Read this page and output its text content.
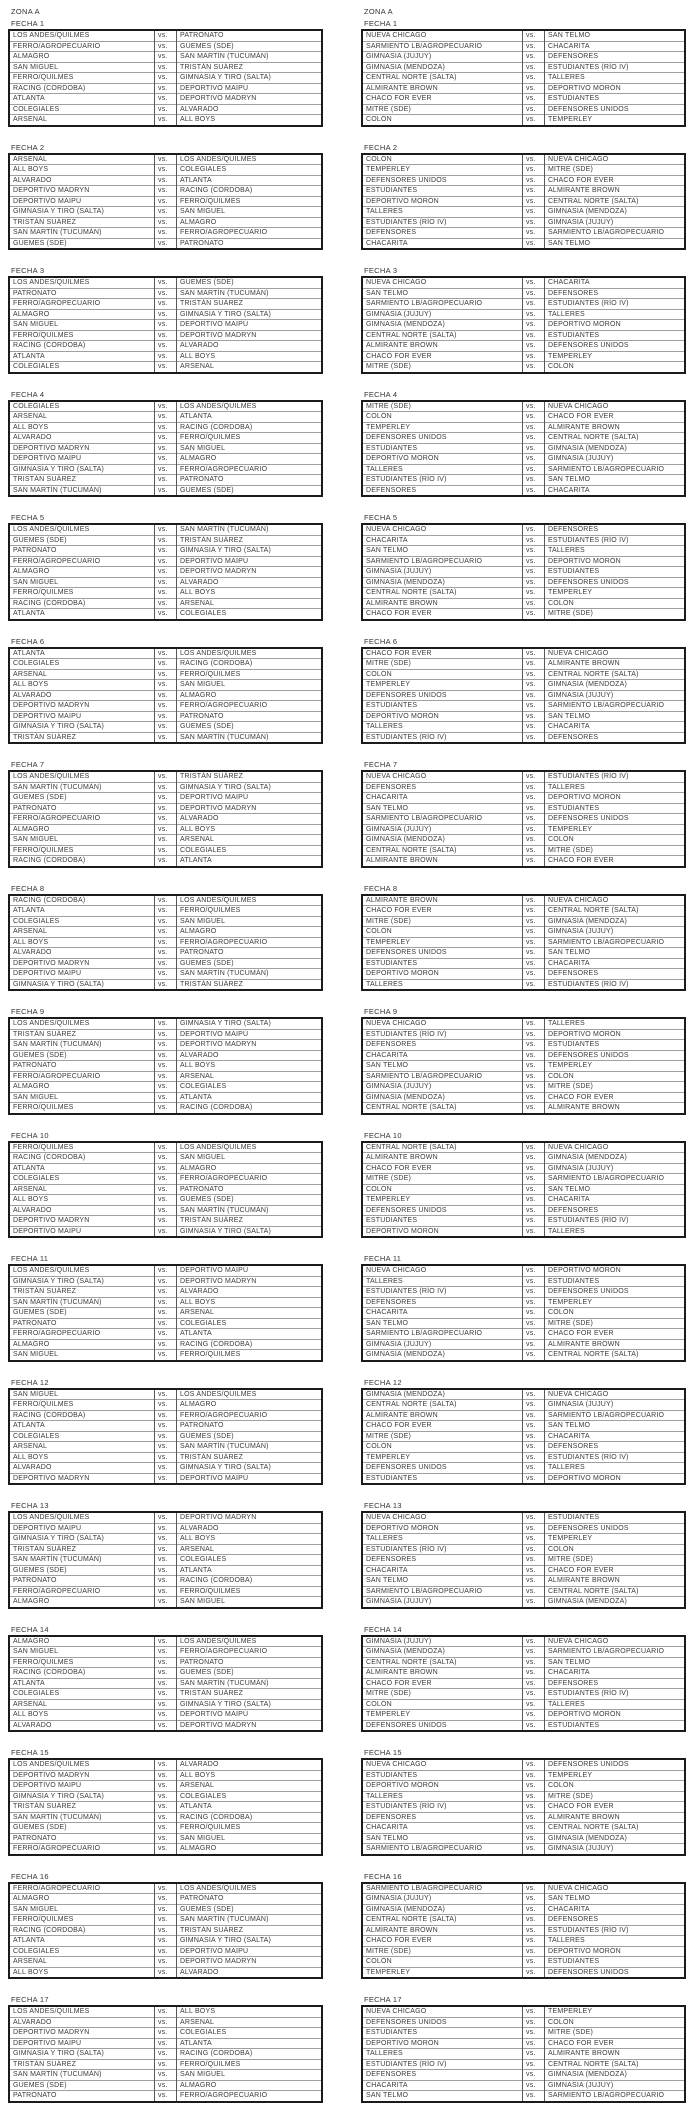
ZONA A
FECHA 1
LOS ANDES/QUILMES	vs.	PATRONATO
FERRO/AGROPECUARIO	vs.	GÜEMES (SDE)
ALMAGRO	vs.	SAN MARTÍN (TUCUMÁN)
SAN MIGUEL	vs.	TRISTÁN SUÁREZ
FERRO/QUILMES	vs.	GIMNASIA Y TIRO (SALTA)
RACING (CÓRDOBA)	vs.	DEPORTIVO MAIPÚ
ATLANTA	vs.	DEPORTIVO MADRYN
COLEGIALES	vs.	ALVARADO
ARSENAL	vs.	ALL BOYS
FECHA 2
ARSENAL	vs.	LOS ANDES/QUILMES
ALL BOYS	vs.	COLEGIALES
ALVARADO	vs.	ATLANTA
DEPORTIVO MADRYN	vs.	RACING (CÓRDOBA)
DEPORTIVO MAIPÚ	vs.	FERRO/QUILMES
GIMNASIA Y TIRO (SALTA)	vs.	SAN MIGUEL
TRISTÁN SUÁREZ	vs.	ALMAGRO
SAN MARTÍN (TUCUMÁN)	vs.	FERRO/AGROPECUARIO
GÜEMES (SDE)	vs.	PATRONATO
FECHA 3
LOS ANDES/QUILMES	vs.	GÜEMES (SDE)
PATRONATO	vs.	SAN MARTÍN (TUCUMÁN)
FERRO/AGROPECUARIO	vs.	TRISTÁN SUÁREZ
ALMAGRO	vs.	GIMNASIA Y TIRO (SALTA)
SAN MIGUEL	vs.	DEPORTIVO MAIPÚ
FERRO/QUILMES	vs.	DEPORTIVO MADRYN
RACING (CÓRDOBA)	vs.	ALVARADO
ATLANTA	vs.	ALL BOYS
COLEGIALES	vs.	ARSENAL
FECHA 4
COLEGIALES	vs.	LOS ANDES/QUILMES
ARSENAL	vs.	ATLANTA
ALL BOYS	vs.	RACING (CÓRDOBA)
ALVARADO	vs.	FERRO/QUILMES
DEPORTIVO MADRYN	vs.	SAN MIGUEL
DEPORTIVO MAIPÚ	vs.	ALMAGRO
GIMNASIA Y TIRO (SALTA)	vs.	FERRO/AGROPECUARIO
TRISTÁN SUÁREZ	vs.	PATRONATO
SAN MARTÍN (TUCUMÁN)	vs.	GÜEMES (SDE)
FECHA 5
LOS ANDES/QUILMES	vs.	SAN MARTÍN (TUCUMÁN)
GÜEMES (SDE)	vs.	TRISTÁN SUÁREZ
PATRONATO	vs.	GIMNASIA Y TIRO (SALTA)
FERRO/AGROPECUARIO	vs.	DEPORTIVO MAIPÚ
ALMAGRO	vs.	DEPORTIVO MADRYN
SAN MIGUEL	vs.	ALVARADO
FERRO/QUILMES	vs.	ALL BOYS
RACING (CÓRDOBA)	vs.	ARSENAL
ATLANTA	vs.	COLEGIALES
FECHA 6
ATLANTA	vs.	LOS ANDES/QUILMES
COLEGIALES	vs.	RACING (CÓRDOBA)
ARSENAL	vs.	FERRO/QUILMES
ALL BOYS	vs.	SAN MIGUEL
ALVARADO	vs.	ALMAGRO
DEPORTIVO MADRYN	vs.	FERRO/AGROPECUARIO
DEPORTIVO MAIPÚ	vs.	PATRONATO
GIMNASIA Y TIRO (SALTA)	vs.	GÜEMES (SDE)
TRISTÁN SUÁREZ	vs.	SAN MARTÍN (TUCUMÁN)
FECHA 7
LOS ANDES/QUILMES	vs.	TRISTÁN SUÁREZ
SAN MARTÍN (TUCUMÁN)	vs.	GIMNASIA Y TIRO (SALTA)
GÜEMES (SDE)	vs.	DEPORTIVO MAIPÚ
PATRONATO	vs.	DEPORTIVO MADRYN
FERRO/AGROPECUARIO	vs.	ALVARADO
ALMAGRO	vs.	ALL BOYS
SAN MIGUEL	vs.	ARSENAL
FERRO/QUILMES	vs.	COLEGIALES
RACING (CÓRDOBA)	vs.	ATLANTA
FECHA 8
RACING (CÓRDOBA)	vs.	LOS ANDES/QUILMES
ATLANTA	vs.	FERRO/QUILMES
COLEGIALES	vs.	SAN MIGUEL
ARSENAL	vs.	ALMAGRO
ALL BOYS	vs.	FERRO/AGROPECUARIO
ALVARADO	vs.	PATRONATO
DEPORTIVO MADRYN	vs.	GÜEMES (SDE)
DEPORTIVO MAIPÚ	vs.	SAN MARTÍN (TUCUMÁN)
GIMNASIA Y TIRO (SALTA)	vs.	TRISTÁN SUÁREZ
FECHA 9
LOS ANDES/QUILMES	vs.	GIMNASIA Y TIRO (SALTA)
TRISTÁN SUÁREZ	vs.	DEPORTIVO MAIPÚ
SAN MARTÍN (TUCUMÁN)	vs.	DEPORTIVO MADRYN
GÜEMES (SDE)	vs.	ALVARADO
PATRONATO	vs.	ALL BOYS
FERRO/AGROPECUARIO	vs.	ARSENAL
ALMAGRO	vs.	COLEGIALES
SAN MIGUEL	vs.	ATLANTA
FERRO/QUILMES	vs.	RACING (CÓRDOBA)
FECHA 10
FERRO/QUILMES	vs.	LOS ANDES/QUILMES
RACING (CÓRDOBA)	vs.	SAN MIGUEL
ATLANTA	vs.	ALMAGRO
COLEGIALES	vs.	FERRO/AGROPECUARIO
ARSENAL	vs.	PATRONATO
ALL BOYS	vs.	GÜEMES (SDE)
ALVARADO	vs.	SAN MARTÍN (TUCUMÁN)
DEPORTIVO MADRYN	vs.	TRISTÁN SUÁREZ
DEPORTIVO MAIPÚ	vs.	GIMNASIA Y TIRO (SALTA)
FECHA 11
LOS ANDES/QUILMES	vs.	DEPORTIVO MAIPÚ
GIMNASIA Y TIRO (SALTA)	vs.	DEPORTIVO MADRYN
TRISTÁN SUÁREZ	vs.	ALVARADO
SAN MARTÍN (TUCUMÁN)	vs.	ALL BOYS
GÜEMES (SDE)	vs.	ARSENAL
PATRONATO	vs.	COLEGIALES
FERRO/AGROPECUARIO	vs.	ATLANTA
ALMAGRO	vs.	RACING (CÓRDOBA)
SAN MIGUEL	vs.	FERRO/QUILMES
FECHA 12
SAN MIGUEL	vs.	LOS ANDES/QUILMES
FERRO/QUILMES	vs.	ALMAGRO
RACING (CÓRDOBA)	vs.	FERRO/AGROPECUARIO
ATLANTA	vs.	PATRONATO
COLEGIALES	vs.	GÜEMES (SDE)
ARSENAL	vs.	SAN MARTÍN (TUCUMÁN)
ALL BOYS	vs.	TRISTÁN SUÁREZ
ALVARADO	vs.	GIMNASIA Y TIRO (SALTA)
DEPORTIVO MADRYN	vs.	DEPORTIVO MAIPÚ
FECHA 13
LOS ANDES/QUILMES	vs.	DEPORTIVO MADRYN
DEPORTIVO MAIPÚ	vs.	ALVARADO
GIMNASIA Y TIRO (SALTA)	vs.	ALL BOYS
TRISTÁN SUÁREZ	vs.	ARSENAL
SAN MARTÍN (TUCUMÁN)	vs.	COLEGIALES
GÜEMES (SDE)	vs.	ATLANTA
PATRONATO	vs.	RACING (CÓRDOBA)
FERRO/AGROPECUARIO	vs.	FERRO/QUILMES
ALMAGRO	vs.	SAN MIGUEL
FECHA 14
ALMAGRO	vs.	LOS ANDES/QUILMES
SAN MIGUEL	vs.	FERRO/AGROPECUARIO
FERRO/QUILMES	vs.	PATRONATO
RACING (CÓRDOBA)	vs.	GÜEMES (SDE)
ATLANTA	vs.	SAN MARTÍN (TUCUMÁN)
COLEGIALES	vs.	TRISTÁN SUÁREZ
ARSENAL	vs.	GIMNASIA Y TIRO (SALTA)
ALL BOYS	vs.	DEPORTIVO MAIPÚ
ALVARADO	vs.	DEPORTIVO MADRYN
FECHA 15
LOS ANDES/QUILMES	vs.	ALVARADO
DEPORTIVO MADRYN	vs.	ALL BOYS
DEPORTIVO MAIPÚ	vs.	ARSENAL
GIMNASIA Y TIRO (SALTA)	vs.	COLEGIALES
TRISTÁN SUÁREZ	vs.	ATLANTA
SAN MARTÍN (TUCUMÁN)	vs.	RACING (CÓRDOBA)
GÜEMES (SDE)	vs.	FERRO/QUILMES
PATRONATO	vs.	SAN MIGUEL
FERRO/AGROPECUARIO	vs.	ALMAGRO
FECHA 16
FERRO/AGROPECUARIO	vs.	LOS ANDES/QUILMES
ALMAGRO	vs.	PATRONATO
SAN MIGUEL	vs.	GÜEMES (SDE)
FERRO/QUILMES	vs.	SAN MARTÍN (TUCUMÁN)
RACING (CÓRDOBA)	vs.	TRISTÁN SUÁREZ
ATLANTA	vs.	GIMNASIA Y TIRO (SALTA)
COLEGIALES	vs.	DEPORTIVO MAIPÚ
ARSENAL	vs.	DEPORTIVO MADRYN
ALL BOYS	vs.	ALVARADO
FECHA 17
LOS ANDES/QUILMES	vs.	ALL BOYS
ALVARADO	vs.	ARSENAL
DEPORTIVO MADRYN	vs.	COLEGIALES
DEPORTIVO MAIPÚ	vs.	ATLANTA
GIMNASIA Y TIRO (SALTA)	vs.	RACING (CÓRDOBA)
TRISTÁN SUÁREZ	vs.	FERRO/QUILMES
SAN MARTÍN (TUCUMÁN)	vs.	SAN MIGUEL
GÜEMES (SDE)	vs.	ALMAGRO
PATRONATO	vs.	FERRO/AGROPECUARIO
ZONA A
FECHA 1
NUEVA CHICAGO	vs.	SAN TELMO
SARMIENTO LB/AGROPECUARIO	vs.	CHACARITA
GIMNASIA (JUJUY)	vs.	DEFENSORES
GIMNASIA (MENDOZA)	vs.	ESTUDIANTES (RÍO IV)
CENTRAL NORTE (SALTA)	vs.	TALLERES
ALMIRANTE BROWN	vs.	DEPORTIVO MORÓN
CHACO FOR EVER	vs.	ESTUDIANTES
MITRE (SDE)	vs.	DEFENSORES UNIDOS
COLÓN	vs.	TEMPERLEY
FECHA 2
COLÓN	vs.	NUEVA CHICAGO
TEMPERLEY	vs.	MITRE (SDE)
DEFENSORES UNIDOS	vs.	CHACO FOR EVER
ESTUDIANTES	vs.	ALMIRANTE BROWN
DEPORTIVO MORÓN	vs.	CENTRAL NORTE (SALTA)
TALLERES	vs.	GIMNASIA (MENDOZA)
ESTUDIANTES (RÍO IV)	vs.	GIMNASIA (JUJUY)
DEFENSORES	vs.	SARMIENTO LB/AGROPECUARIO
CHACARITA	vs.	SAN TELMO
FECHA 3
NUEVA CHICAGO	vs.	CHACARITA
SAN TELMO	vs.	DEFENSORES
SARMIENTO LB/AGROPECUARIO	vs.	ESTUDIANTES (RÍO IV)
GIMNASIA (JUJUY)	vs.	TALLERES
GIMNASIA (MENDOZA)	vs.	DEPORTIVO MORÓN
CENTRAL NORTE (SALTA)	vs.	ESTUDIANTES
ALMIRANTE BROWN	vs.	DEFENSORES UNIDOS
CHACO FOR EVER	vs.	TEMPERLEY
MITRE (SDE)	vs.	COLÓN
FECHA 4
MITRE (SDE)	vs.	NUEVA CHICAGO
COLÓN	vs.	CHACO FOR EVER
TEMPERLEY	vs.	ALMIRANTE BROWN
DEFENSORES UNIDOS	vs.	CENTRAL NORTE (SALTA)
ESTUDIANTES	vs.	GIMNASIA (MENDOZA)
DEPORTIVO MORÓN	vs.	GIMNASIA (JUJUY)
TALLERES	vs.	SARMIENTO LB/AGROPECUARIO
ESTUDIANTES (RÍO IV)	vs.	SAN TELMO
DEFENSORES	vs.	CHACARITA
FECHA 5
NUEVA CHICAGO	vs.	DEFENSORES
CHACARITA	vs.	ESTUDIANTES (RÍO IV)
SAN TELMO	vs.	TALLERES
SARMIENTO LB/AGROPECUARIO	vs.	DEPORTIVO MORÓN
GIMNASIA (JUJUY)	vs.	ESTUDIANTES
GIMNASIA (MENDOZA)	vs.	DEFENSORES UNIDOS
CENTRAL NORTE (SALTA)	vs.	TEMPERLEY
ALMIRANTE BROWN	vs.	COLÓN
CHACO FOR EVER	vs.	MITRE (SDE)
FECHA 6
CHACO FOR EVER	vs.	NUEVA CHICAGO
MITRE (SDE)	vs.	ALMIRANTE BROWN
COLÓN	vs.	CENTRAL NORTE (SALTA)
TEMPERLEY	vs.	GIMNASIA (MENDOZA)
DEFENSORES UNIDOS	vs.	GIMNASIA (JUJUY)
ESTUDIANTES	vs.	SARMIENTO LB/AGROPECUARIO
DEPORTIVO MORÓN	vs.	SAN TELMO
TALLERES	vs.	CHACARITA
ESTUDIANTES (RÍO IV)	vs.	DEFENSORES
FECHA 7
NUEVA CHICAGO	vs.	ESTUDIANTES (RÍO IV)
DEFENSORES	vs.	TALLERES
CHACARITA	vs.	DEPORTIVO MORÓN
SAN TELMO	vs.	ESTUDIANTES
SARMIENTO LB/AGROPECUARIO	vs.	DEFENSORES UNIDOS
GIMNASIA (JUJUY)	vs.	TEMPERLEY
GIMNASIA (MENDOZA)	vs.	COLÓN
CENTRAL NORTE (SALTA)	vs.	MITRE (SDE)
ALMIRANTE BROWN	vs.	CHACO FOR EVER
FECHA 8
ALMIRANTE BROWN	vs.	NUEVA CHICAGO
CHACO FOR EVER	vs.	CENTRAL NORTE (SALTA)
MITRE (SDE)	vs.	GIMNASIA (MENDOZA)
COLÓN	vs.	GIMNASIA (JUJUY)
TEMPERLEY	vs.	SARMIENTO LB/AGROPECUARIO
DEFENSORES UNIDOS	vs.	SAN TELMO
ESTUDIANTES	vs.	CHACARITA
DEPORTIVO MORÓN	vs.	DEFENSORES
TALLERES	vs.	ESTUDIANTES (RÍO IV)
FECHA 9
NUEVA CHICAGO	vs.	TALLERES
ESTUDIANTES (RÍO IV)	vs.	DEPORTIVO MORÓN
DEFENSORES	vs.	ESTUDIANTES
CHACARITA	vs.	DEFENSORES UNIDOS
SAN TELMO	vs.	TEMPERLEY
SARMIENTO LB/AGROPECUARIO	vs.	COLÓN
GIMNASIA (JUJUY)	vs.	MITRE (SDE)
GIMNASIA (MENDOZA)	vs.	CHACO FOR EVER
CENTRAL NORTE (SALTA)	vs.	ALMIRANTE BROWN
FECHA 10
CENTRAL NORTE (SALTA)	vs.	NUEVA CHICAGO
ALMIRANTE BROWN	vs.	GIMNASIA (MENDOZA)
CHACO FOR EVER	vs.	GIMNASIA (JUJUY)
MITRE (SDE)	vs.	SARMIENTO LB/AGROPECUARIO
COLÓN	vs.	SAN TELMO
TEMPERLEY	vs.	CHACARITA
DEFENSORES UNIDOS	vs.	DEFENSORES
ESTUDIANTES	vs.	ESTUDIANTES (RÍO IV)
DEPORTIVO MORÓN	vs.	TALLERES
FECHA 11
NUEVA CHICAGO	vs.	DEPORTIVO MORÓN
TALLERES	vs.	ESTUDIANTES
ESTUDIANTES (RÍO IV)	vs.	DEFENSORES UNIDOS
DEFENSORES	vs.	TEMPERLEY
CHACARITA	vs.	COLÓN
SAN TELMO	vs.	MITRE (SDE)
SARMIENTO LB/AGROPECUARIO	vs.	CHACO FOR EVER
GIMNASIA (JUJUY)	vs.	ALMIRANTE BROWN
GIMNASIA (MENDOZA)	vs.	CENTRAL NORTE (SALTA)
FECHA 12
GIMNASIA (MENDOZA)	vs.	NUEVA CHICAGO
CENTRAL NORTE (SALTA)	vs.	GIMNASIA (JUJUY)
ALMIRANTE BROWN	vs.	SARMIENTO LB/AGROPECUARIO
CHACO FOR EVER	vs.	SAN TELMO
MITRE (SDE)	vs.	CHACARITA
COLÓN	vs.	DEFENSORES
TEMPERLEY	vs.	ESTUDIANTES (RÍO IV)
DEFENSORES UNIDOS	vs.	TALLERES
ESTUDIANTES	vs.	DEPORTIVO MORÓN
FECHA 13
NUEVA CHICAGO	vs.	ESTUDIANTES
DEPORTIVO MORÓN	vs.	DEFENSORES UNIDOS
TALLERES	vs.	TEMPERLEY
ESTUDIANTES (RÍO IV)	vs.	COLÓN
DEFENSORES	vs.	MITRE (SDE)
CHACARITA	vs.	CHACO FOR EVER
SAN TELMO	vs.	ALMIRANTE BROWN
SARMIENTO LB/AGROPECUARIO	vs.	CENTRAL NORTE (SALTA)
GIMNASIA (JUJUY)	vs.	GIMNASIA (MENDOZA)
FECHA 14
GIMNASIA (JUJUY)	vs.	NUEVA CHICAGO
GIMNASIA (MENDOZA)	vs.	SARMIENTO LB/AGROPECUARIO
CENTRAL NORTE (SALTA)	vs.	SAN TELMO
ALMIRANTE BROWN	vs.	CHACARITA
CHACO FOR EVER	vs.	DEFENSORES
MITRE (SDE)	vs.	ESTUDIANTES (RÍO IV)
COLÓN	vs.	TALLERES
TEMPERLEY	vs.	DEPORTIVO MORÓN
DEFENSORES UNIDOS	vs.	ESTUDIANTES
FECHA 15
NUEVA CHICAGO	vs.	DEFENSORES UNIDOS
ESTUDIANTES	vs.	TEMPERLEY
DEPORTIVO MORÓN	vs.	COLÓN
TALLERES	vs.	MITRE (SDE)
ESTUDIANTES (RÍO IV)	vs.	CHACO FOR EVER
DEFENSORES	vs.	ALMIRANTE BROWN
CHACARITA	vs.	CENTRAL NORTE (SALTA)
SAN TELMO	vs.	GIMNASIA (MENDOZA)
SARMIENTO LB/AGROPECUARIO	vs.	GIMNASIA (JUJUY)
FECHA 16
SARMIENTO LB/AGROPECUARIO	vs.	NUEVA CHICAGO
GIMNASIA (JUJUY)	vs.	SAN TELMO
GIMNASIA (MENDOZA)	vs.	CHACARITA
CENTRAL NORTE (SALTA)	vs.	DEFENSORES
ALMIRANTE BROWN	vs.	ESTUDIANTES (RÍO IV)
CHACO FOR EVER	vs.	TALLERES
MITRE (SDE)	vs.	DEPORTIVO MORÓN
COLÓN	vs.	ESTUDIANTES
TEMPERLEY	vs.	DEFENSORES UNIDOS
FECHA 17
NUEVA CHICAGO	vs.	TEMPERLEY
DEFENSORES UNIDOS	vs.	COLÓN
ESTUDIANTES	vs.	MITRE (SDE)
DEPORTIVO MORÓN	vs.	CHACO FOR EVER
TALLERES	vs.	ALMIRANTE BROWN
ESTUDIANTES (RÍO IV)	vs.	CENTRAL NORTE (SALTA)
DEFENSORES	vs.	GIMNASIA (MENDOZA)
CHACARITA	vs.	GIMNASIA (JUJUY)
SAN TELMO	vs.	SARMIENTO LB/AGROPECUARIO
